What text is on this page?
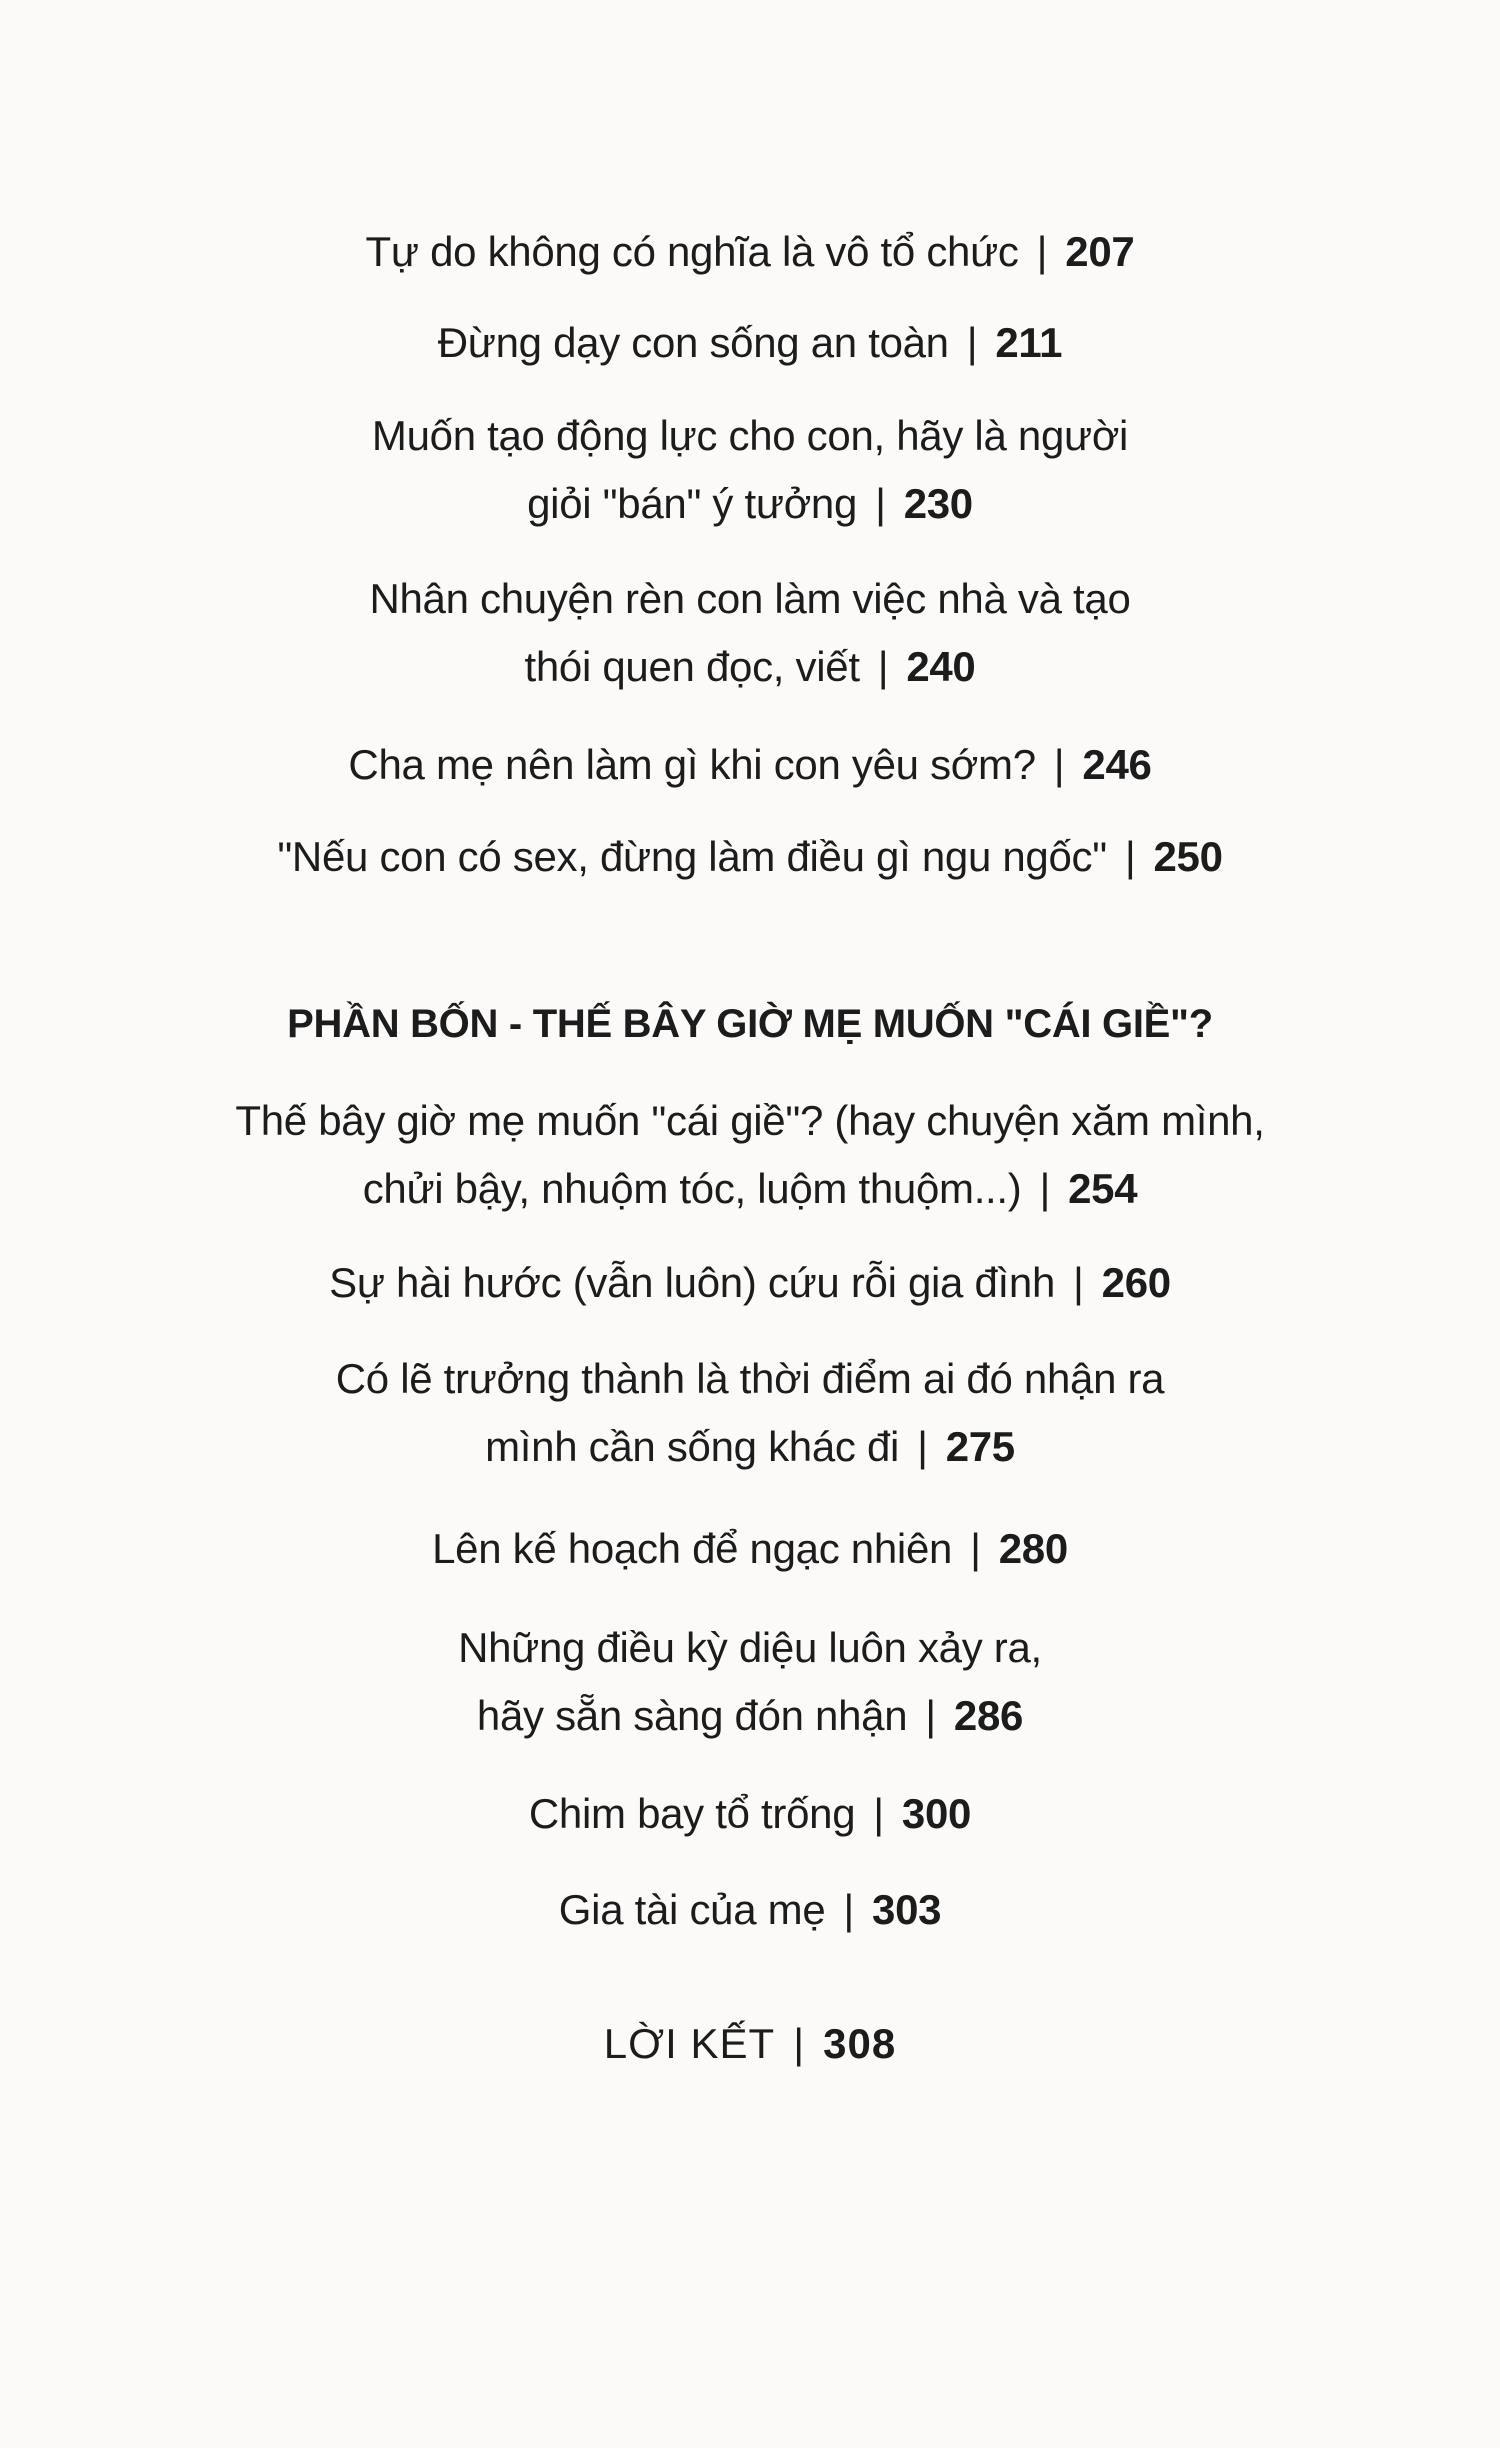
Tự do không có nghĩa là vô tổ chức | 207
Đừng dạy con sống an toàn | 211
Muốn tạo động lực cho con, hãy là người
giỏi "bán" ý tưởng | 230
Nhân chuyện rèn con làm việc nhà và tạo
thói quen đọc, viết | 240
Cha mẹ nên làm gì khi con yêu sớm? | 246
"Nếu con có sex, đừng làm điều gì ngu ngốc" | 250
PHẦN BỐN - THẾ BÂY GIỜ MẸ MUỐN "CÁI GIỀ"?
Thế bây giờ mẹ muốn "cái giề"? (hay chuyện xăm mình,
chửi bậy, nhuộm tóc, luộm thuộm...) | 254
Sự hài hước (vẫn luôn) cứu rỗi gia đình | 260
Có lẽ trưởng thành là thời điểm ai đó nhận ra
mình cần sống khác đi | 275
Lên kế hoạch để ngạc nhiên | 280
Những điều kỳ diệu luôn xảy ra,
hãy sẵn sàng đón nhận | 286
Chim bay tổ trống | 300
Gia tài của mẹ | 303
LỜI KẾT | 308
